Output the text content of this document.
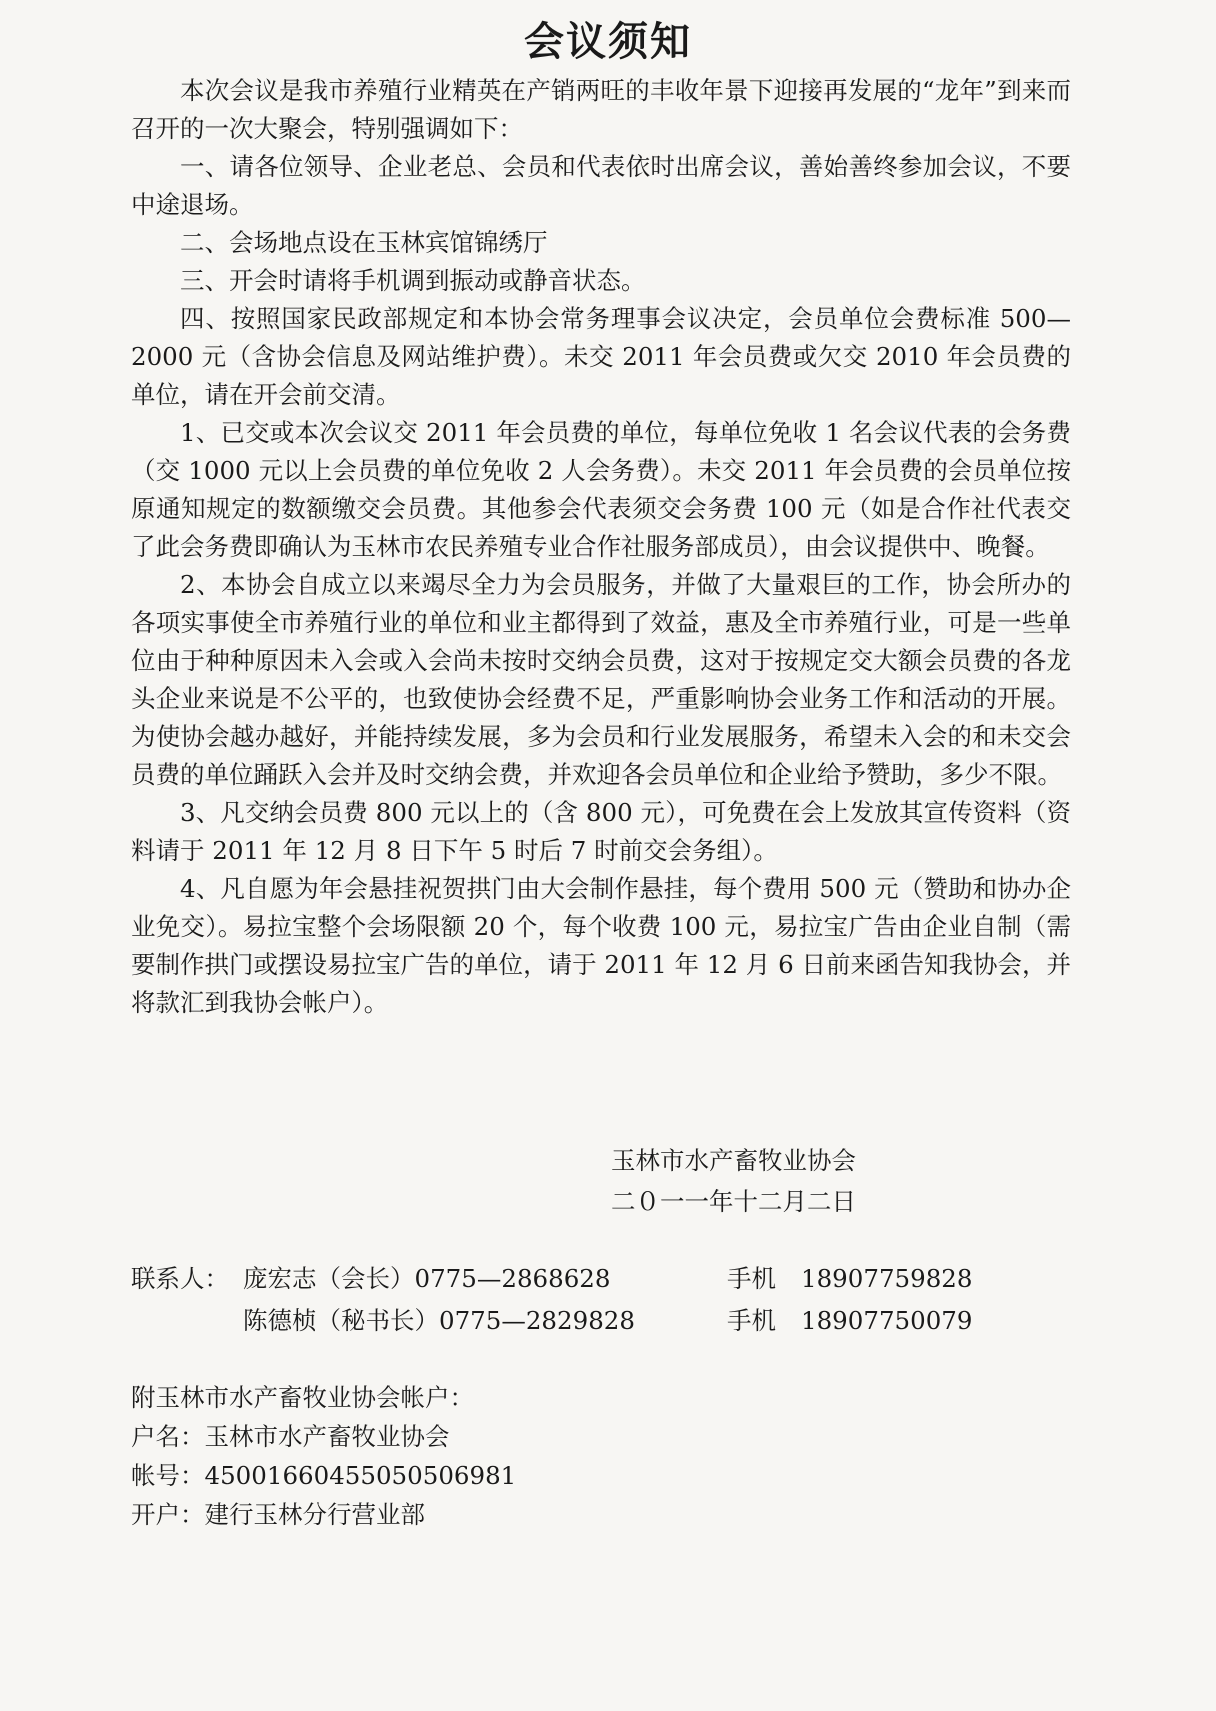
会议须知

本次会议是我市养殖行业精英在产销两旺的丰收年景下迎接再发展的“龙年”到来而召开的一次大聚会，特别强调如下：

一、请各位领导、企业老总、会员和代表依时出席会议，善始善终参加会议，不要中途退场。

二、会场地点设在玉林宾馆锦绣厅

三、开会时请将手机调到振动或静音状态。

四、按照国家民政部规定和本协会常务理事会议决定，会员单位会费标准 500—2000 元（含协会信息及网站维护费）。未交 2011 年会员费或欠交 2010 年会员费的单位，请在开会前交清。

1、已交或本次会议交 2011 年会员费的单位，每单位免收 1 名会议代表的会务费（交 1000 元以上会员费的单位免收 2 人会务费）。未交 2011 年会员费的会员单位按原通知规定的数额缴交会员费。其他参会代表须交会务费 100 元（如是合作社代表交了此会务费即确认为玉林市农民养殖专业合作社服务部成员），由会议提供中、晚餐。

2、本协会自成立以来竭尽全力为会员服务，并做了大量艰巨的工作，协会所办的各项实事使全市养殖行业的单位和业主都得到了效益，惠及全市养殖行业，可是一些单位由于种种原因未入会或入会尚未按时交纳会员费，这对于按规定交大额会员费的各龙头企业来说是不公平的，也致使协会经费不足，严重影响协会业务工作和活动的开展。为使协会越办越好，并能持续发展，多为会员和行业发展服务，希望未入会的和未交会员费的单位踊跃入会并及时交纳会费，并欢迎各会员单位和企业给予赞助，多少不限。

3、凡交纳会员费 800 元以上的（含 800 元），可免费在会上发放其宣传资料（资料请于 2011 年 12 月 8 日下午 5 时后 7 时前交会务组）。

4、凡自愿为年会悬挂祝贺拱门由大会制作悬挂，每个费用 500 元（赞助和协办企业免交）。易拉宝整个会场限额 20 个，每个收费 100 元，易拉宝广告由企业自制（需要制作拱门或摆设易拉宝广告的单位，请于 2011 年 12 月 6 日前来函告知我协会，并将款汇到我协会帐户）。

玉林市水产畜牧业协会
二０一一年十二月二日
联系人： 庞宏志（会长）0775—2868628	手机 18907759828
陈德桢（秘书长）0775—2829828	手机 18907750079
附玉林市水产畜牧业协会帐户：
户名：玉林市水产畜牧业协会
帐号：45001660455050506981
开户：建行玉林分行营业部
